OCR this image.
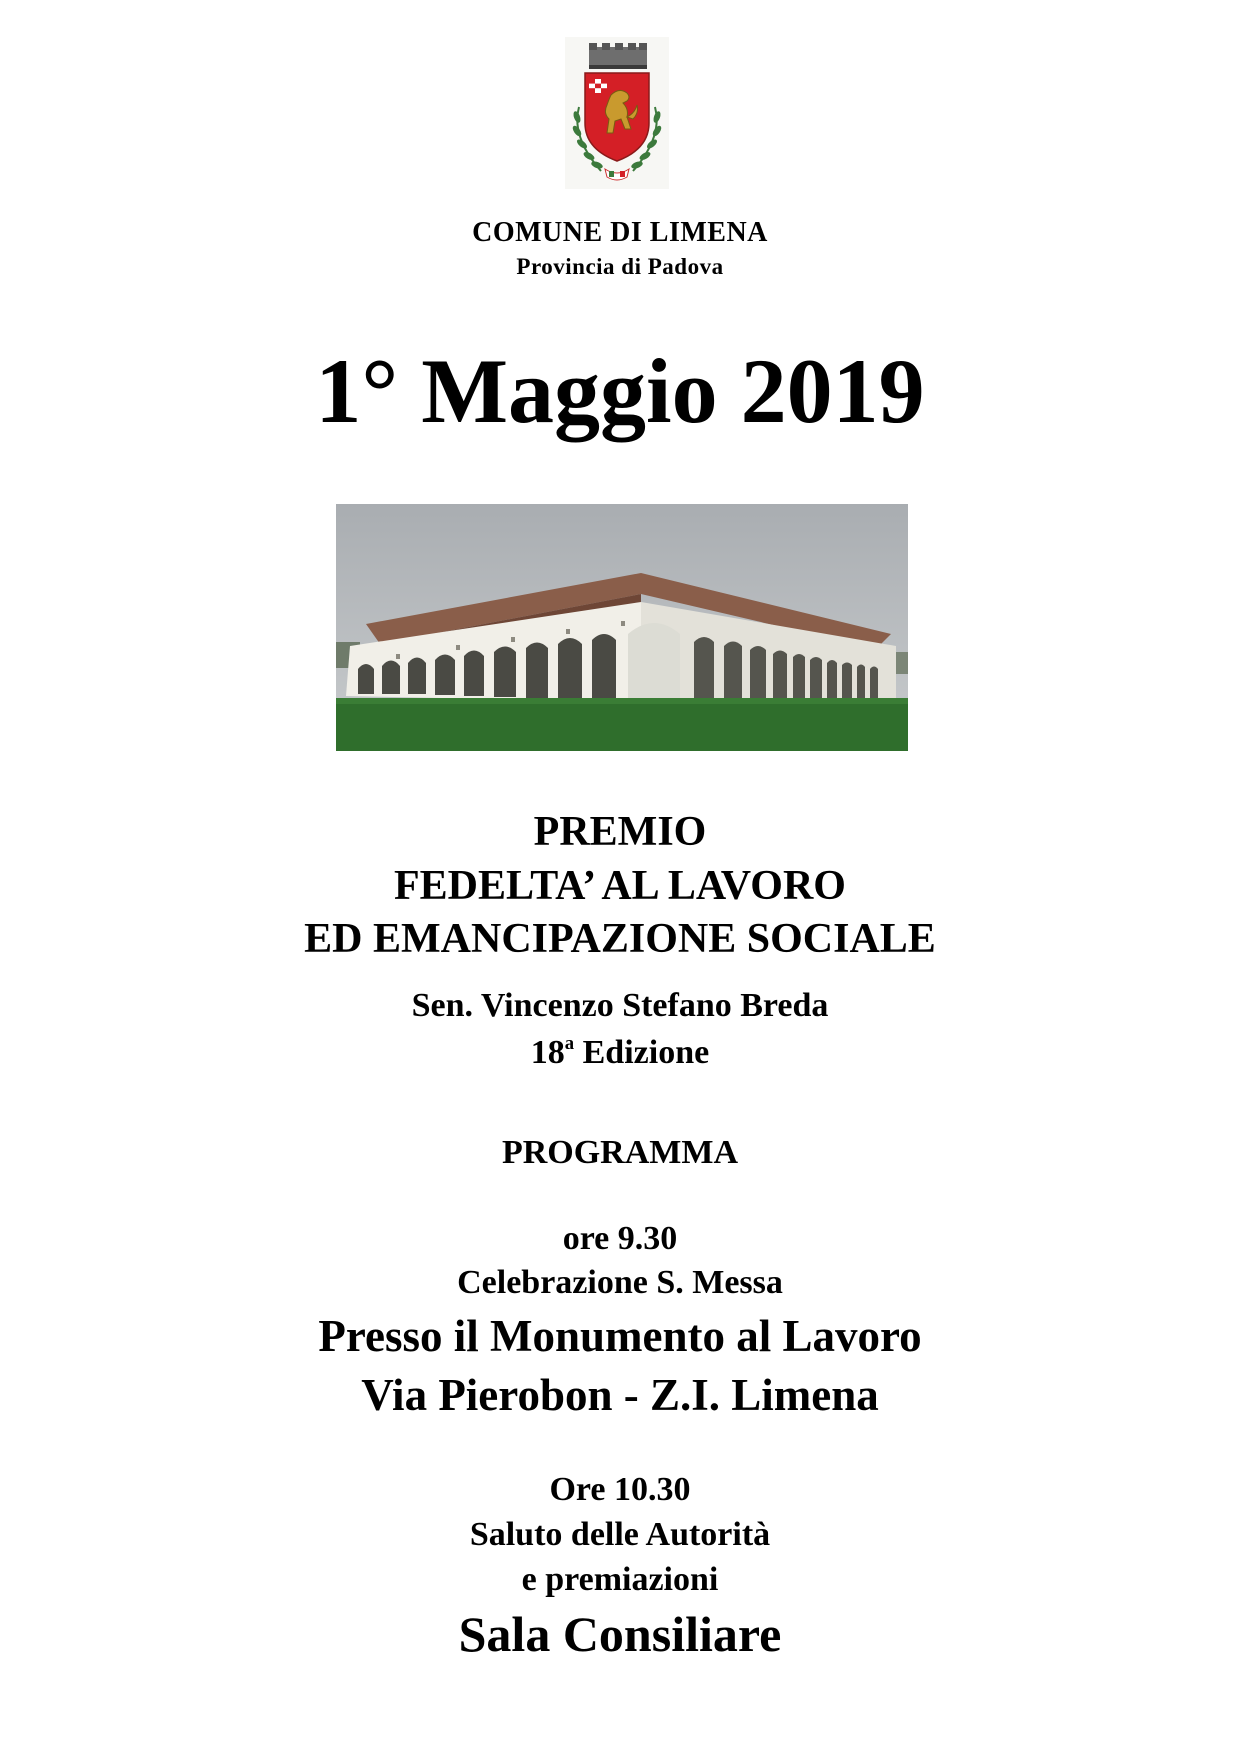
COMUNE DI LIMENA
Provincia di Padova
1° Maggio 2019
PREMIO
FEDELTA’ AL LAVORO
ED EMANCIPAZIONE SOCIALE
Sen. Vincenzo Stefano Breda
18$^a$ Edizione
PROGRAMMA
ore 9.30
Celebrazione S. Messa
Presso il Monumento al Lavoro
Via Pierobon - Z.I. Limena
Ore 10.30
Saluto delle Autorità
e premiazioni
Sala Consiliare
